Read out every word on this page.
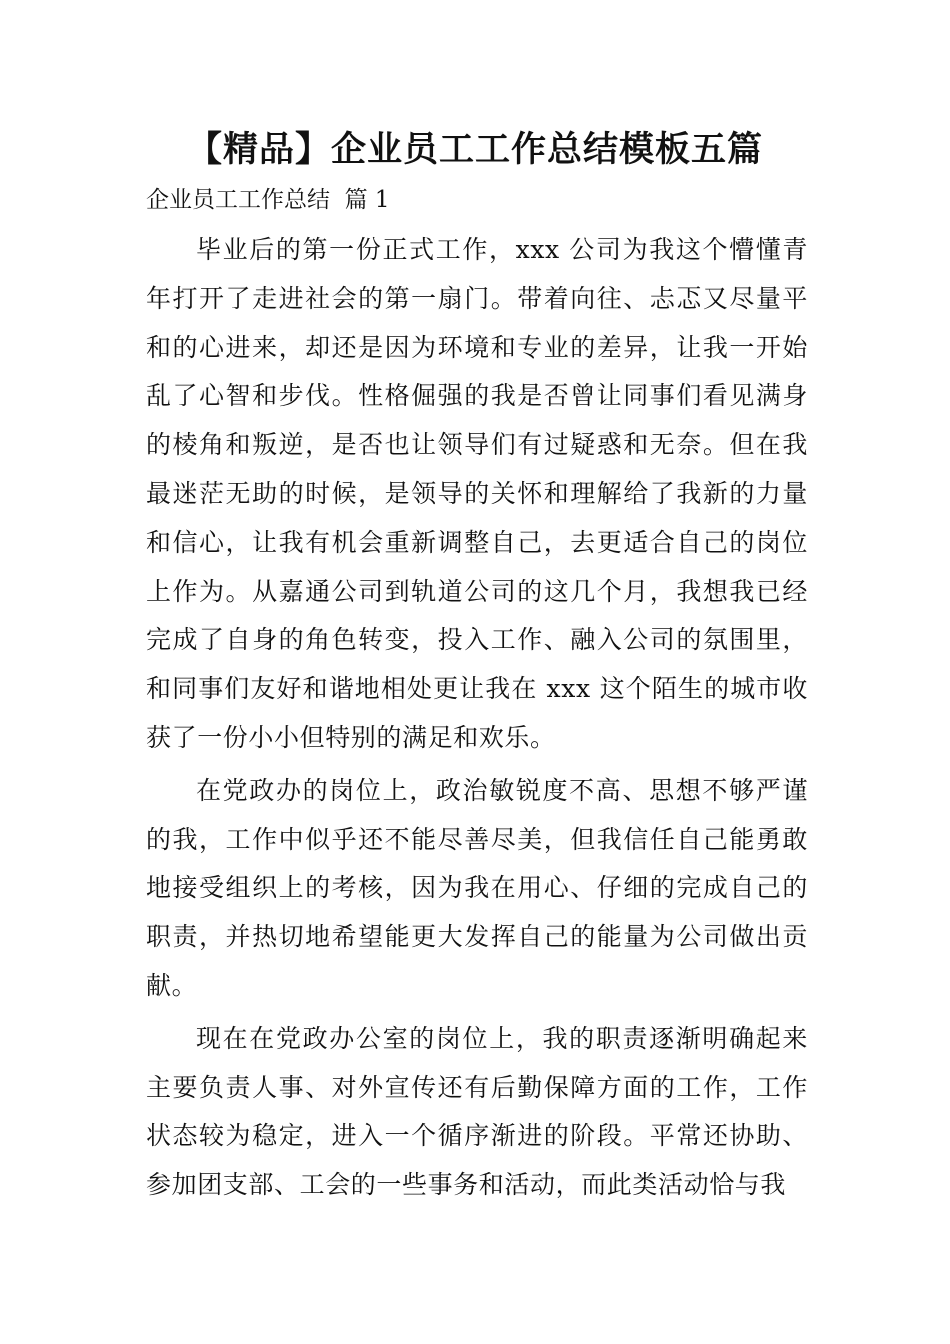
【精品】企业员工工作总结模板五篇

企业员工工作总结  篇 1

毕业后的第一份正式工作，xxx 公司为我这个懵懂青年打开了走进社会的第一扇门。带着向往、忐忑又尽量平和的心进来，却还是因为环境和专业的差异，让我一开始乱了心智和步伐。性格倔强的我是否曾让同事们看见满身的棱角和叛逆，是否也让领导们有过疑惑和无奈。但在我最迷茫无助的时候，是领导的关怀和理解给了我新的力量和信心，让我有机会重新调整自己，去更适合自己的岗位上作为。从嘉通公司到轨道公司的这几个月，我想我已经完成了自身的角色转变，投入工作、融入公司的氛围里，和同事们友好和谐地相处更让我在 xxx 这个陌生的城市收获了一份小小但特别的满足和欢乐。

在党政办的岗位上，政治敏锐度不高、思想不够严谨的我，工作中似乎还不能尽善尽美，但我信任自己能勇敢地接受组织上的考核，因为我在用心、仔细的完成自己的职责，并热切地希望能更大发挥自己的能量为公司做出贡献。

现在在党政办公室的岗位上，我的职责逐渐明确起来主要负责人事、对外宣传还有后勤保障方面的工作，工作状态较为稳定，进入一个循序渐进的阶段。平常还协助、参加团支部、工会的一些事务和活动，而此类活动恰与我
